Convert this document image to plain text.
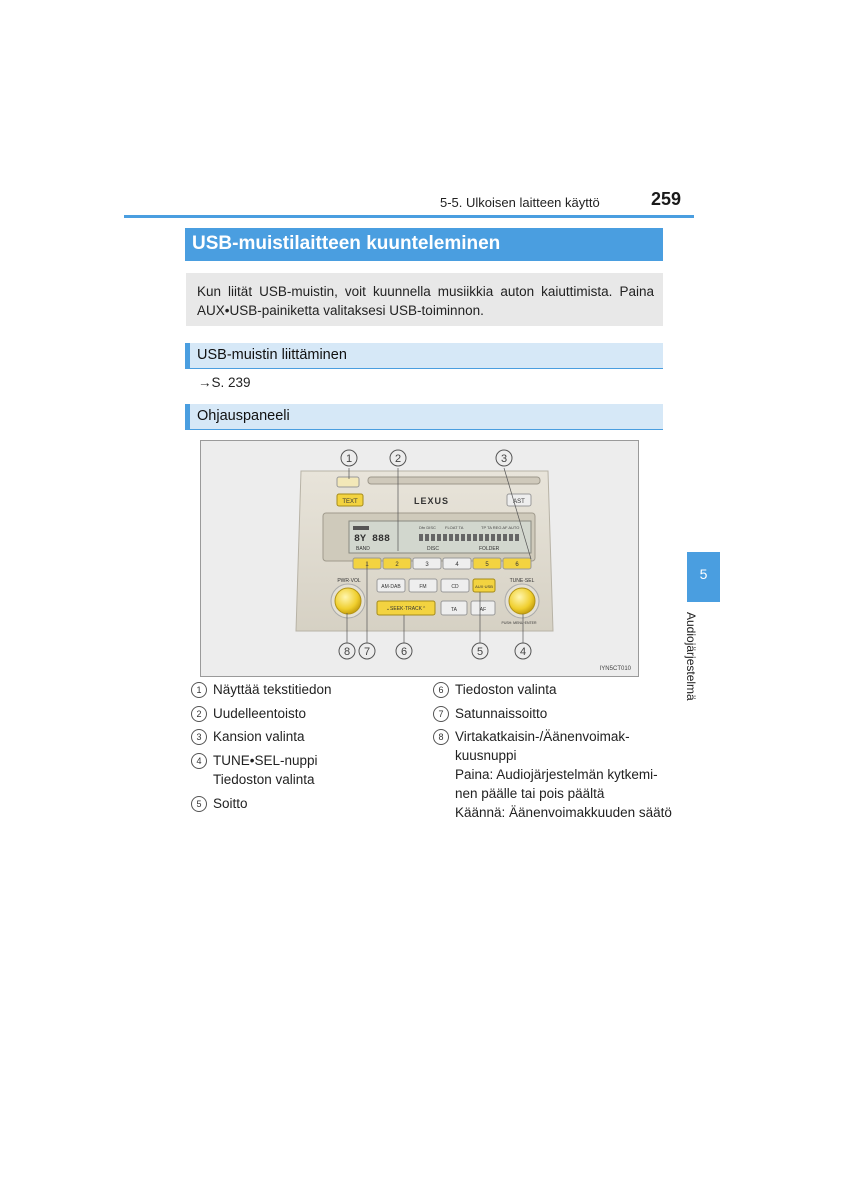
5-5. Ulkoisen laitteen käyttö	259
USB-muistilaitteen kuunteleminen
Kun liität USB-muistin, voit kuunnella musiikkia auton kaiuttimista. Paina AUX•USB-painiketta valitaksesi USB-toiminnon.
USB-muistin liittäminen
→S. 239
Ohjauspaneeli
TEXT	LEXUS	AST
8Y 888
Dfn DISC FLOAT TA	TP TA REG AF AUTO
BAND	DISC	FOLDER
1	2	3	4	5	6
AM·DAB	FM	CD	AUX·USB
⌄SEEK·TRACK⌃	TA	AF
PWR·VOL	TUNE·SEL
PUSH: MENU·ENTER
1	2	3
8 7	6	5	4
IYN5CT010
1 Näyttää tekstitiedon
2 Uudelleentoisto
3 Kansion valinta
4 TUNE•SEL-nuppi
Tiedoston valinta
5 Soitto
6 Tiedoston valinta
7 Satunnaissoitto
8 Virtakatkaisin-/Äänenvoimak-
kuusnuppi
Paina: Audiojärjestelmän kytkemi-
nen päälle tai pois päältä
Käännä: Äänenvoimakkuuden säätö
5
Audiojärjestelmä
